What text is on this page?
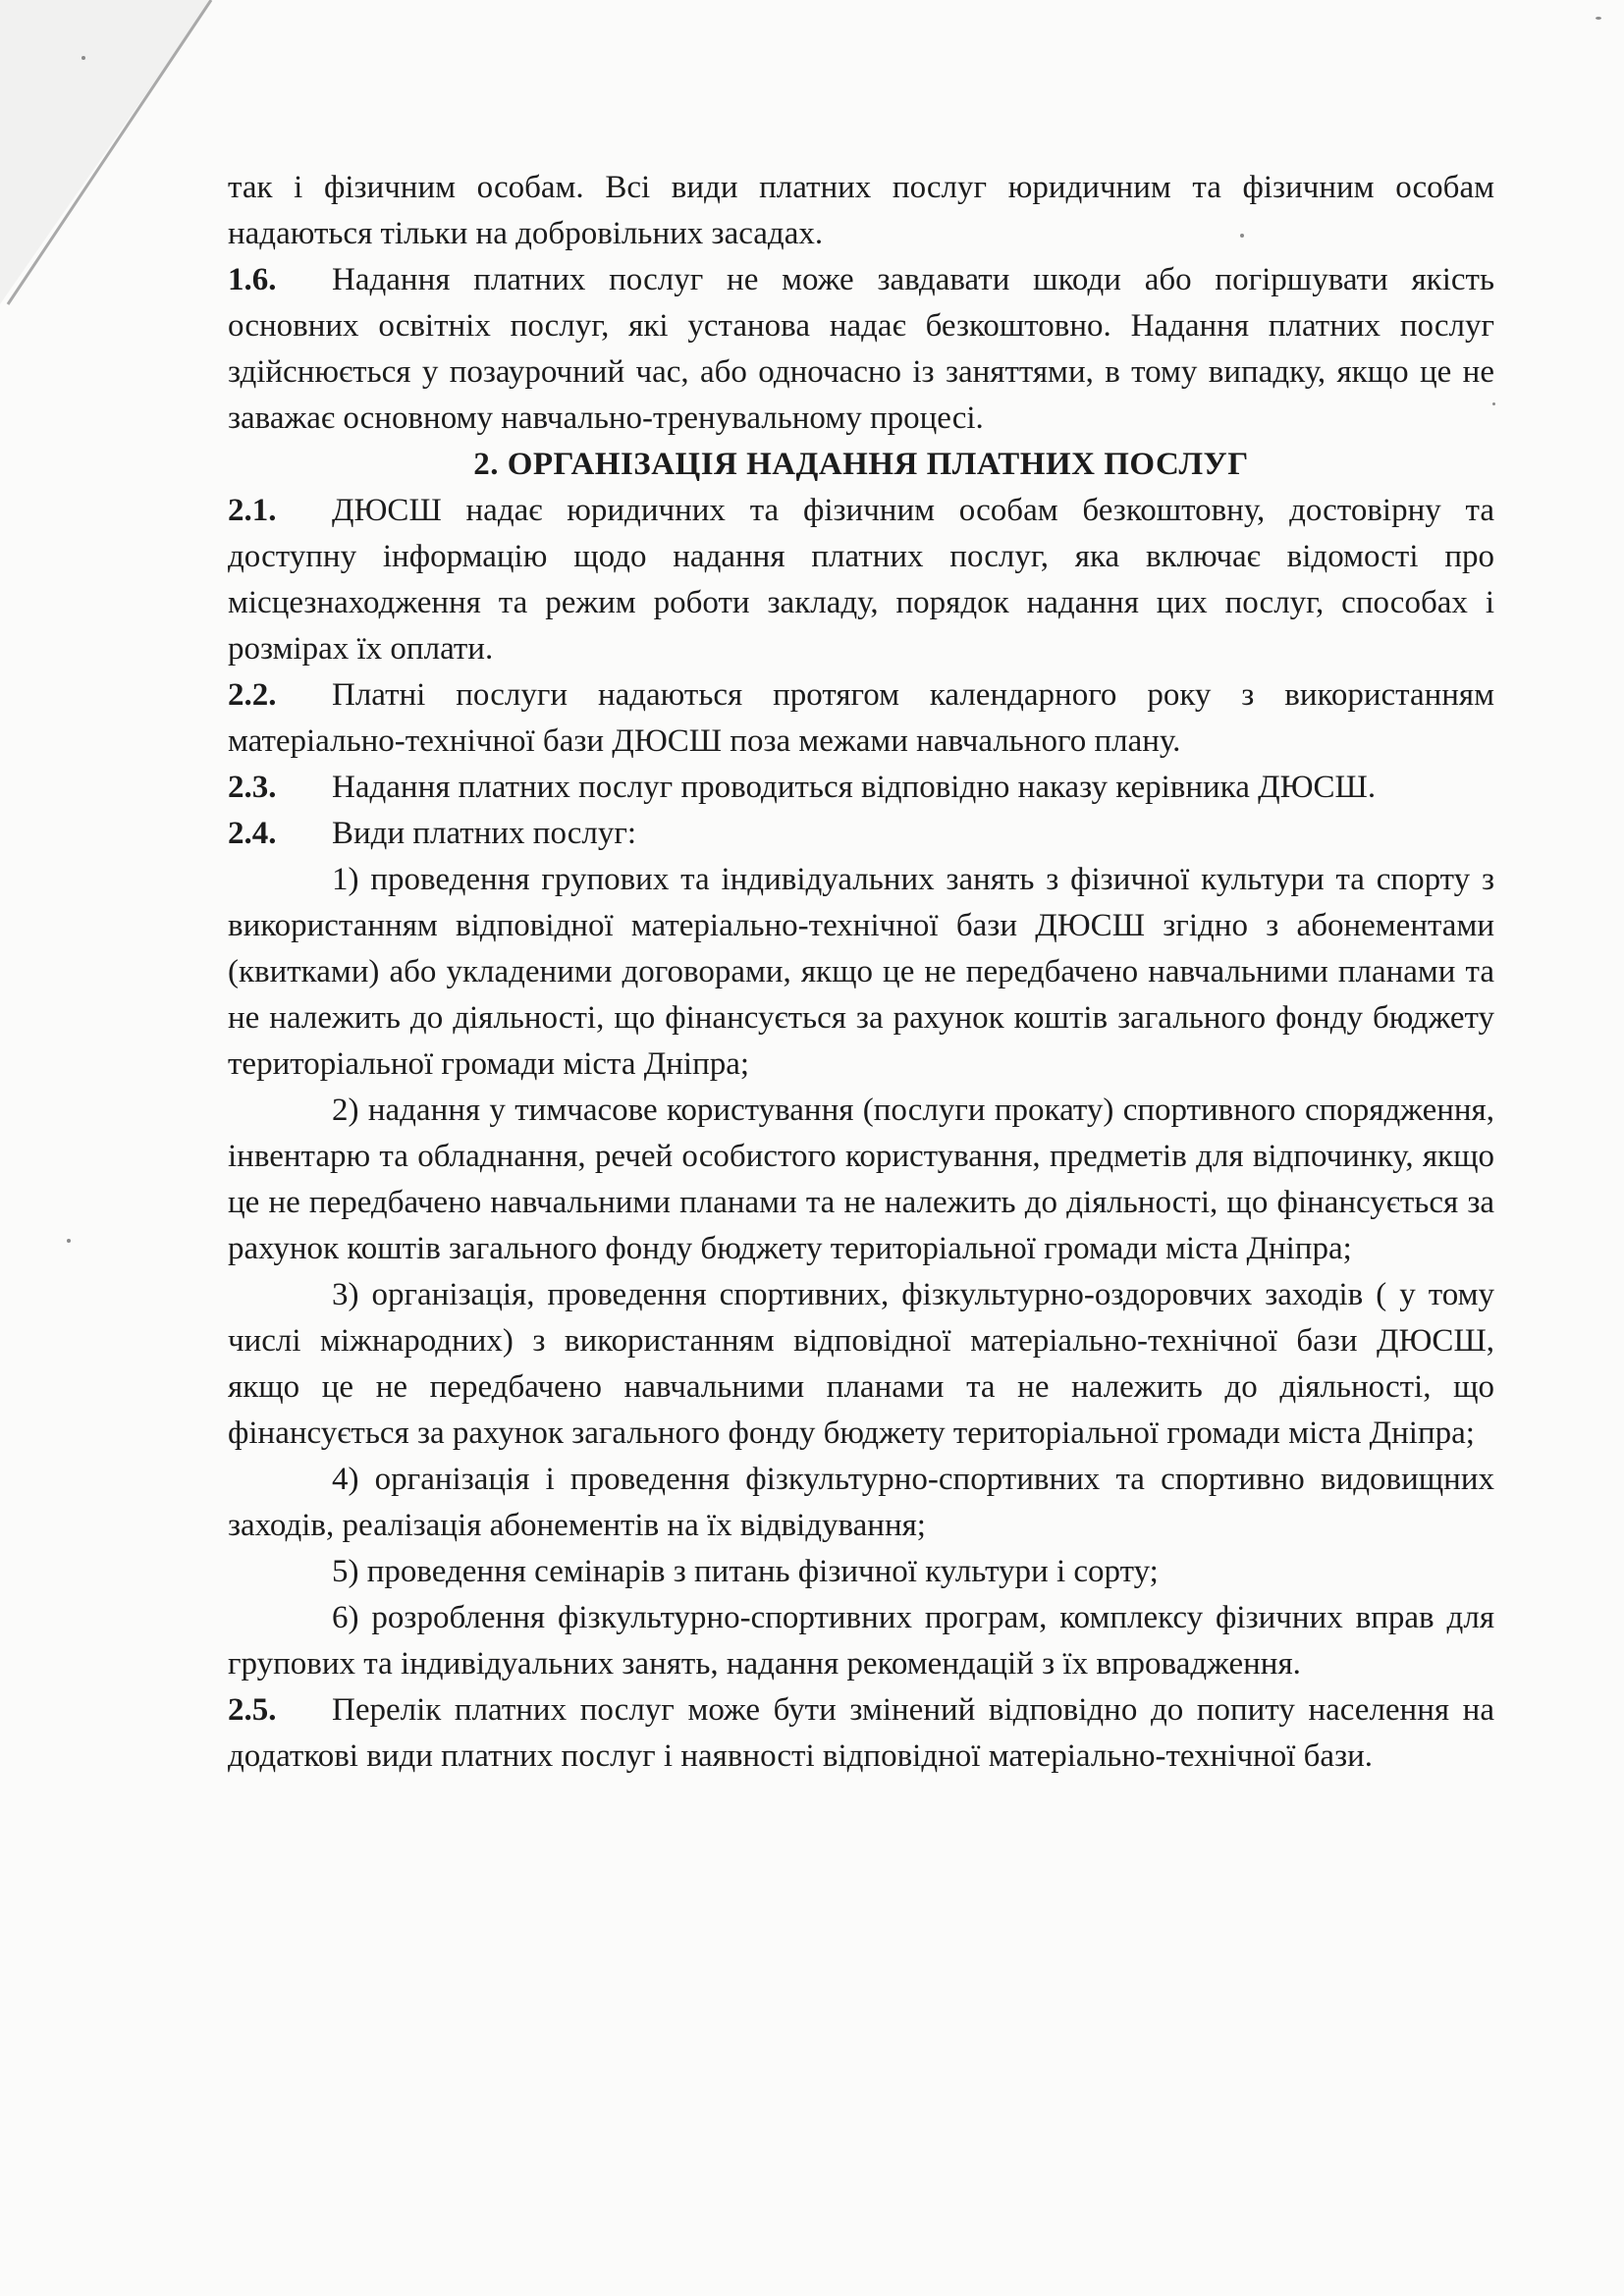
так і фізичним особам. Всі види платних послуг юридичним та фізичним особам надаються тільки на добровільних засадах.

1.6. Надання платних послуг не може завдавати шкоди або погіршувати якість основних освітніх послуг, які установа надає безкоштовно. Надання платних послуг здійснюється у позаурочний час, або одночасно із заняттями, в тому випадку, якщо це не заважає основному навчально-тренувальному процесі.

2. ОРГАНІЗАЦІЯ НАДАННЯ ПЛАТНИХ ПОСЛУГ

2.1. ДЮСШ надає юридичних та фізичним особам безкоштовну, достовірну та доступну інформацію щодо надання платних послуг, яка включає відомості про місцезнаходження та режим роботи закладу, порядок надання цих послуг, способах і розмірах їх оплати.

2.2. Платні послуги надаються протягом календарного року з використанням матеріально-технічної бази ДЮСШ поза межами навчального плану.

2.3. Надання платних послуг проводиться відповідно наказу керівника ДЮСШ.

2.4. Види платних послуг:

1) проведення групових та індивідуальних занять з фізичної культури та спорту з використанням відповідної матеріально-технічної бази ДЮСШ згідно з абонементами (квитками) або укладеними договорами, якщо це не передбачено навчальними планами та не належить до діяльності, що фінансується за рахунок коштів загального фонду бюджету територіальної громади міста Дніпра;

2) надання у тимчасове користування (послуги прокату) спортивного спорядження, інвентарю та обладнання, речей особистого користування, предметів для відпочинку, якщо це не передбачено навчальними планами та не належить до діяльності, що фінансується за рахунок коштів загального фонду бюджету територіальної громади міста Дніпра;

3) організація, проведення спортивних, фізкультурно-оздоровчих заходів ( у тому числі міжнародних) з використанням відповідної матеріально-технічної бази ДЮСШ, якщо це не передбачено навчальними планами та не належить до діяльності, що фінансується за рахунок загального фонду бюджету територіальної громади міста Дніпра;

4) організація і проведення фізкультурно-спортивних та спортивно видовищних заходів, реалізація абонементів на їх відвідування;

5) проведення семінарів з питань фізичної культури і сорту;

6) розроблення фізкультурно-спортивних програм, комплексу фізичних вправ для групових та індивідуальних занять, надання рекомендацій з їх впровадження.

2.5. Перелік платних послуг може бути змінений відповідно до попиту населення на додаткові види платних послуг і наявності відповідної матеріально-технічної бази.
